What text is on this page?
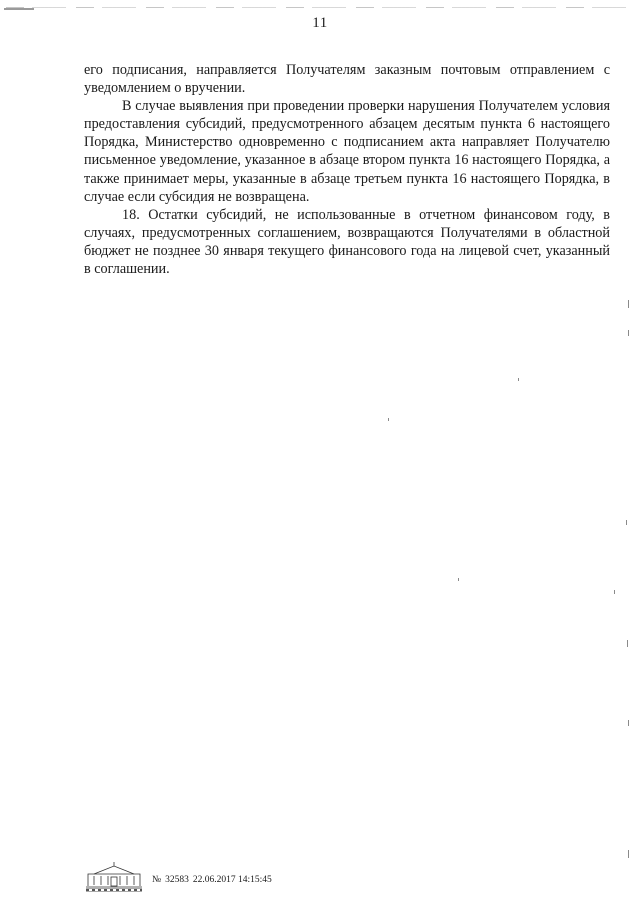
11

его подписания, направляется Получателям заказным почтовым отправлением с уведомлением о вручении.

В случае выявления при проведении проверки нарушения Получателем условия предоставления субсидий, предусмотренного абзацем десятым пункта 6 настоящего Порядка, Министерство одновременно с подписанием акта направляет Получателю письменное уведомление, указанное в абзаце втором пункта 16 настоящего Порядка, а также принимает меры, указанные в абзаце третьем пункта 16 настоящего Порядка, в случае если субсидия не возвращена.

18. Остатки субсидий, не использованные в отчетном финансовом году, в случаях, предусмотренных соглашением, возвращаются Получателями в областной бюджет не позднее 30 января текущего финансового года на лицевой счет, указанный в соглашении.

№ 32583 22.06.2017 14:15:45
